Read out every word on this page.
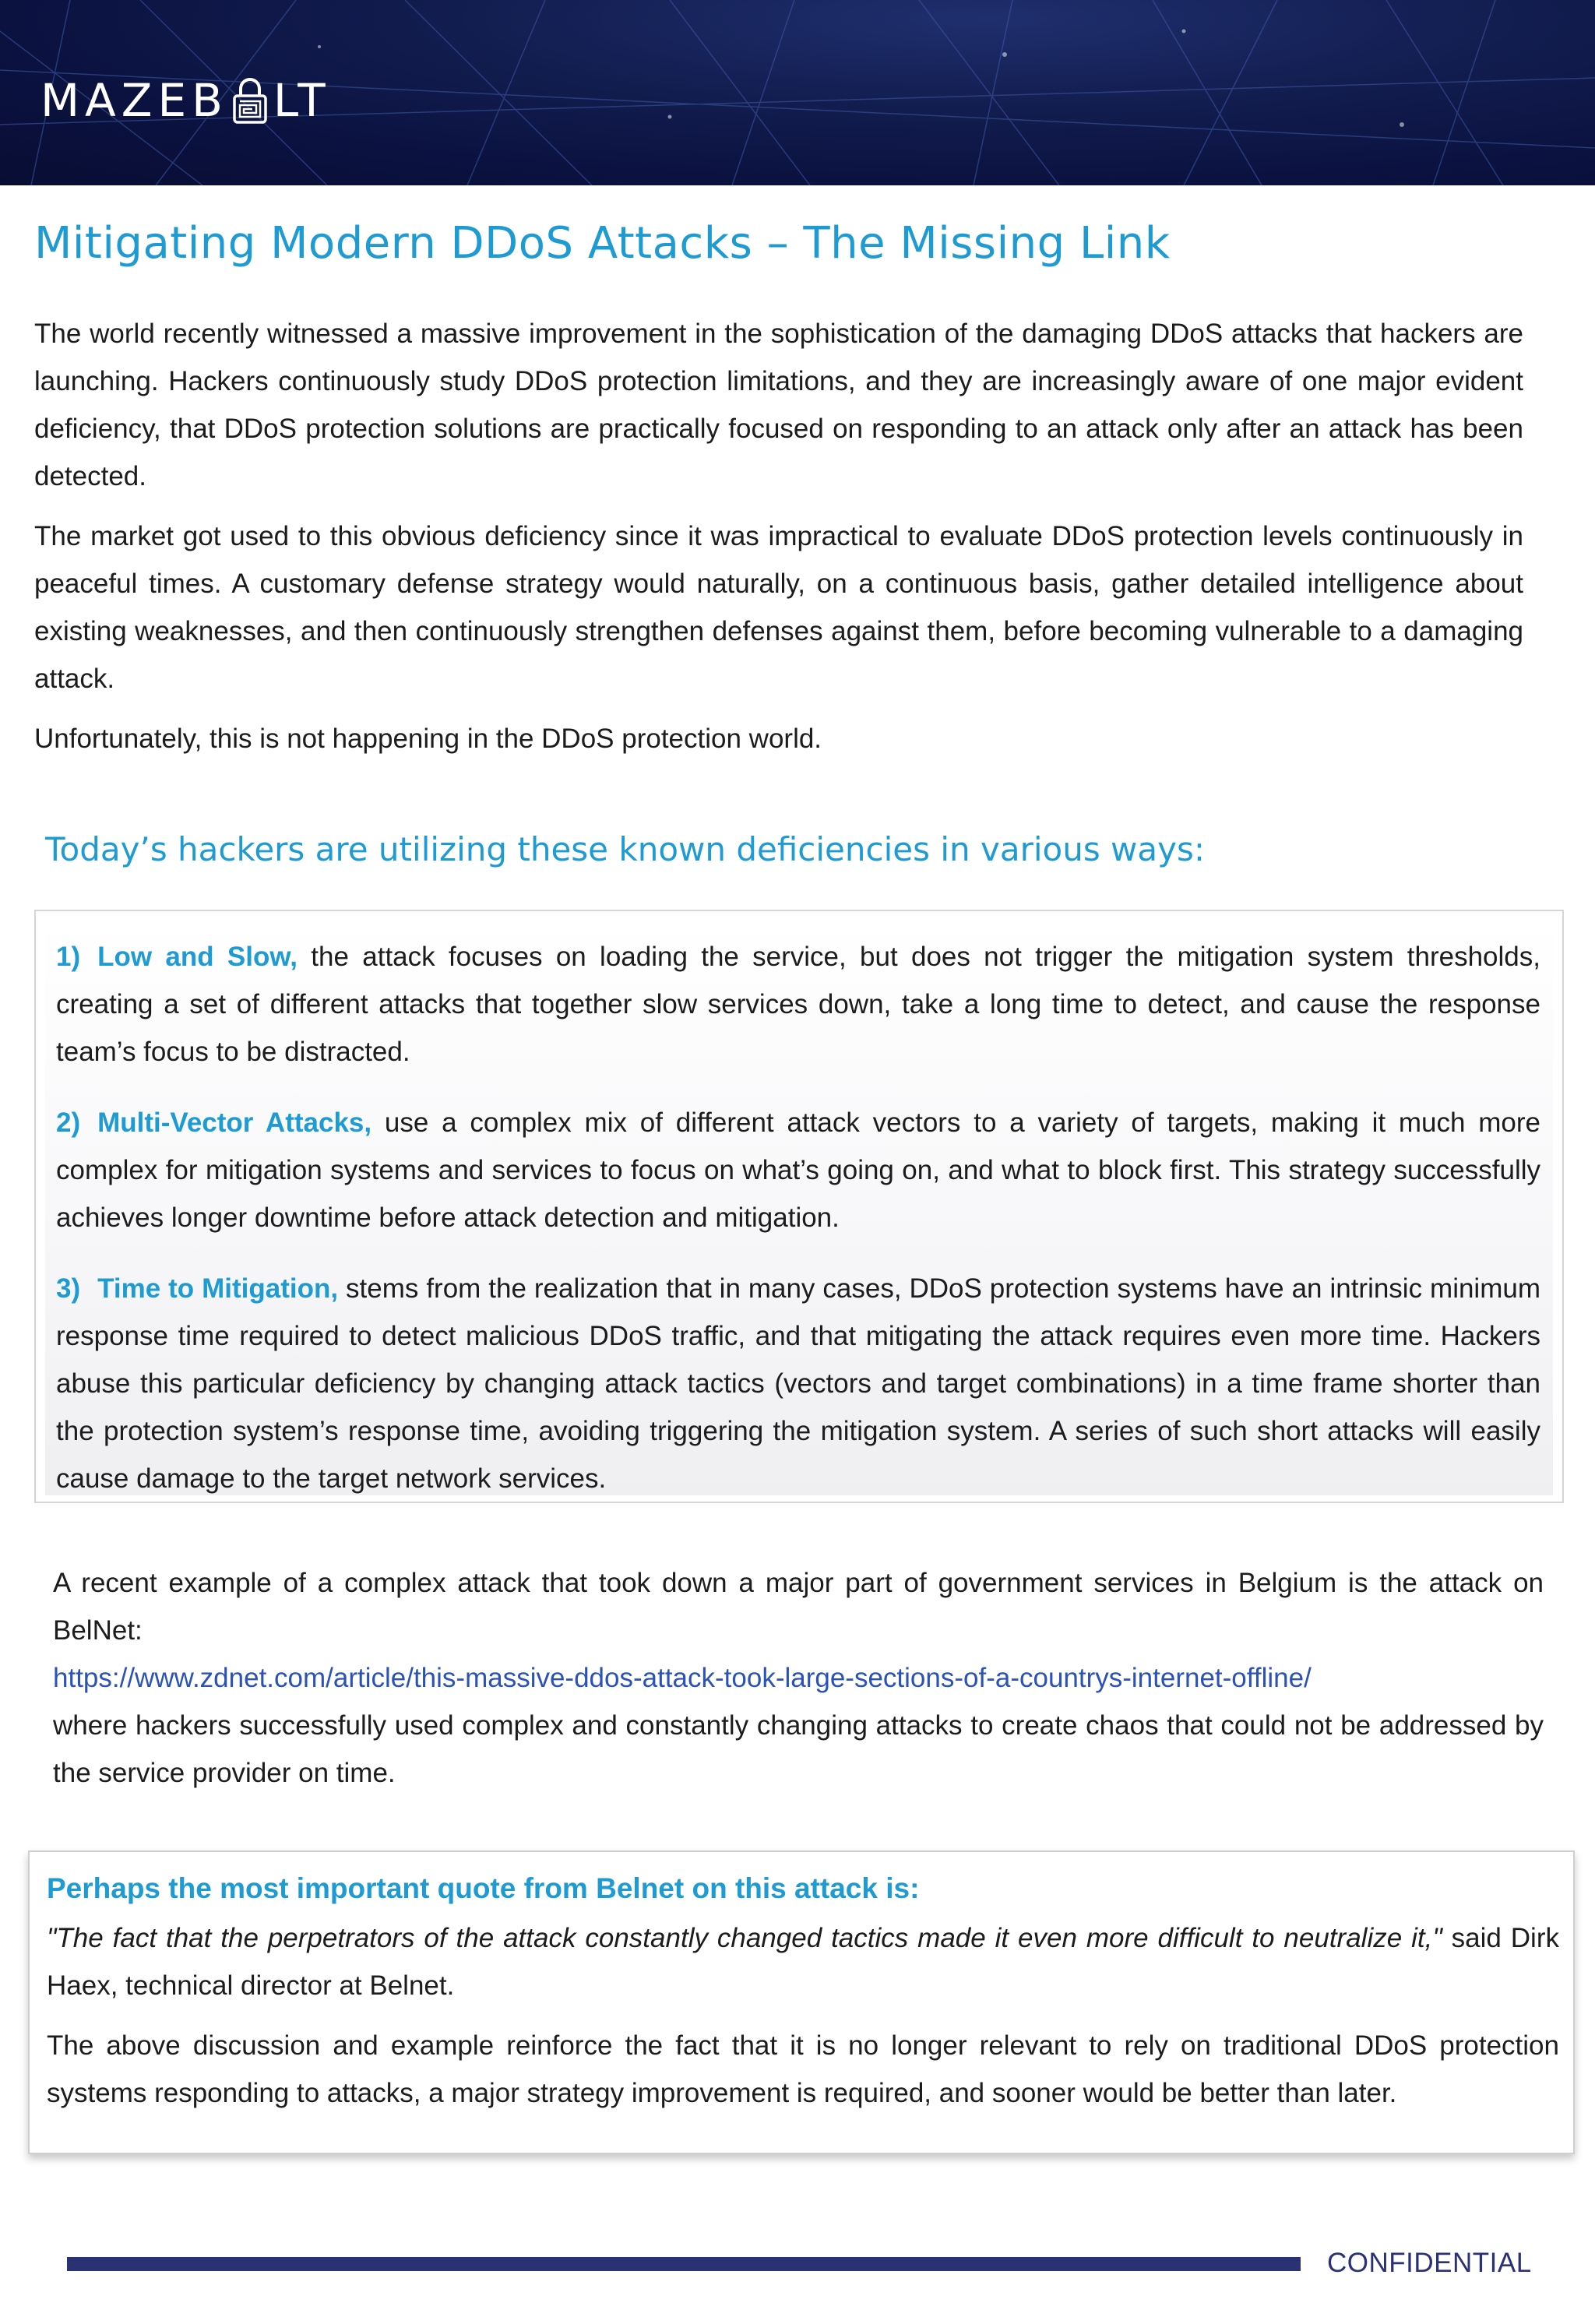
MAZEB LT
Mitigating Modern DDoS Attacks – The Missing Link

The world recently witnessed a massive improvement in the sophistication of the damaging DDoS attacks that hackers are launching. Hackers continuously study DDoS protection limitations, and they are increasingly aware of one major evident deficiency, that DDoS protection solutions are practically focused on responding to an attack only after an attack has been detected.

The market got used to this obvious deficiency since it was impractical to evaluate DDoS protection levels continuously in peaceful times. A customary defense strategy would naturally, on a continuous basis, gather detailed intelligence about existing weaknesses, and then continuously strengthen defenses against them, before becoming vulnerable to a damaging attack.

Unfortunately, this is not happening in the DDoS protection world.

Today’s hackers are utilizing these known deficiencies in various ways:
1) Low and Slow, the attack focuses on loading the service, but does not trigger the mitigation system thresholds, creating a set of different attacks that together slow services down, take a long time to detect, and cause the response team’s focus to be distracted.
2) Multi-Vector Attacks, use a complex mix of different attack vectors to a variety of targets, making it much more complex for mitigation systems and services to focus on what’s going on, and what to block first. This strategy successfully achieves longer downtime before attack detection and mitigation.
3) Time to Mitigation, stems from the realization that in many cases, DDoS protection systems have an intrinsic minimum response time required to detect malicious DDoS traffic, and that mitigating the attack requires even more time. Hackers abuse this particular deficiency by changing attack tactics (vectors and target combinations) in a time frame shorter than the protection system’s response time, avoiding triggering the mitigation system. A series of such short attacks will easily cause damage to the target network services.

A recent example of a complex attack that took down a major part of government services in Belgium is the attack on BelNet:

https://www.zdnet.com/article/this-massive-ddos-attack-took-large-sections-of-a-countrys-internet-offline/

where hackers successfully used complex and constantly changing attacks to create chaos that could not be addressed by the service provider on time.

Perhaps the most important quote from Belnet on this attack is:

"The fact that the perpetrators of the attack constantly changed tactics made it even more difficult to neutralize it," said Dirk Haex, technical director at Belnet.

The above discussion and example reinforce the fact that it is no longer relevant to rely on traditional DDoS protection systems responding to attacks, a major strategy improvement is required, and sooner would be better than later.

CONFIDENTIAL
